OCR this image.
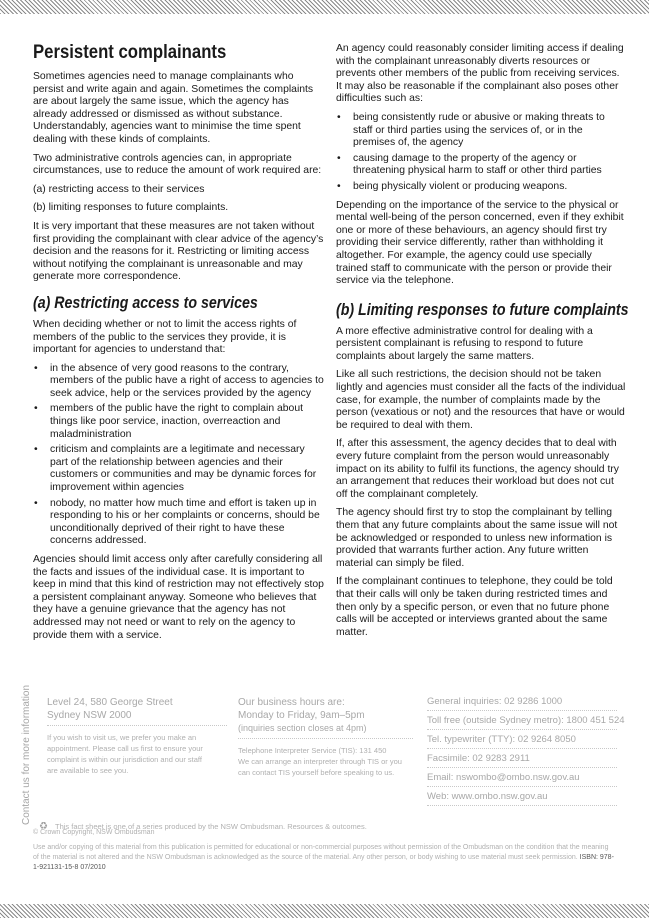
Persistent complainants

Sometimes agencies need to manage complainants who persist and write again and again. Sometimes the complaints are about largely the same issue, which the agency has already addressed or dismissed as without substance. Understandably, agencies want to minimise the time spent dealing with these kinds of complaints.

Two administrative controls agencies can, in appropriate circumstances, use to reduce the amount of work required are:

(a) restricting access to their services

(b) limiting responses to future complaints.

It is very important that these measures are not taken without first providing the complainant with clear advice of the agency’s decision and the reasons for it. Restricting or limiting access without notifying the complainant is unreasonable and may generate more correspondence.

(a) Restricting access to services

When deciding whether or not to limit the access rights of members of the public to the services they provide, it is important for agencies to understand that:

• in the absence of very good reasons to the contrary, members of the public have a right of access to agencies to seek advice, help or the services provided by the agency
• members of the public have the right to complain about things like poor service, inaction, overreaction and maladministration
• criticism and complaints are a legitimate and necessary part of the relationship between agencies and their customers or communities and may be dynamic forces for improvement within agencies
• nobody, no matter how much time and effort is taken up in responding to his or her complaints or concerns, should be unconditionally deprived of their right to have these concerns addressed.

Agencies should limit access only after carefully considering all the facts and issues of the individual case. It is important to keep in mind that this kind of restriction may not effectively stop a persistent complainant anyway. Someone who believes that they have a genuine grievance that the agency has not addressed may not need or want to rely on the agency to provide them with a service.

An agency could reasonably consider limiting access if dealing with the complainant unreasonably diverts resources or prevents other members of the public from receiving services. It may also be reasonable if the complainant also poses other difficulties such as:

• being consistently rude or abusive or making threats to staff or third parties using the services of, or in the premises of, the agency
• causing damage to the property of the agency or threatening physical harm to staff or other third parties
• being physically violent or producing weapons.

Depending on the importance of the service to the physical or mental well-being of the person concerned, even if they exhibit one or more of these behaviours, an agency should first try providing their service differently, rather than withholding it altogether. For example, the agency could use specially trained staff to communicate with the person or provide their service via the telephone.

(b) Limiting responses to future complaints

A more effective administrative control for dealing with a persistent complainant is refusing to respond to future complaints about largely the same matters.

Like all such restrictions, the decision should not be taken lightly and agencies must consider all the facts of the individual case, for example, the number of complaints made by the person (vexatious or not) and the resources that have or would be required to deal with them.

If, after this assessment, the agency decides that to deal with every future complaint from the person would unreasonably impact on its ability to fulfil its functions, the agency should try an arrangement that reduces their workload but does not cut off the complainant completely.

The agency should first try to stop the complainant by telling them that any future complaints about the same issue will not be acknowledged or responded to unless new information is provided that warrants further action. Any future written material can simply be filed.

If the complainant continues to telephone, they could be told that their calls will only be taken during restricted times and then only by a specific person, or even that no future phone calls will be accepted or interviews granted about the same matter.

Contact us for more information Level 24, 580 George Street
Sydney NSW 2000
If you wish to visit us, we prefer you make an
appointment. Please call us first to ensure your
complaint is within our jurisdiction and our staff
are available to see you.
Our business hours are:
Monday to Friday, 9am–5pm
(inquiries section closes at 4pm)
Telephone Interpreter Service (TIS): 131 450
We can arrange an interpreter through TIS or you
can contact TIS yourself before speaking to us.
General inquiries: 02 9286 1000
Toll free (outside Sydney metro): 1800 451 524
Tel. typewriter (TTY): 02 9264 8050
Facsimile: 02 9283 2911
Email: nswombo@ombo.nsw.gov.au
Web: www.ombo.nsw.gov.au
♻ This fact sheet is one of a series produced by the NSW Ombudsman. Resources & outcomes.
© Crown Copyright, NSW Ombudsman
Use and/or copying of this material from this publication is permitted for educational or non-commercial purposes without permission of the Ombudsman on the condition that the meaning of the material is not altered and the NSW Ombudsman is acknowledged as the source of the material. Any other person, or body wishing to use material must seek permission. ISBN: 978-1-921131-15-8 07/2010
